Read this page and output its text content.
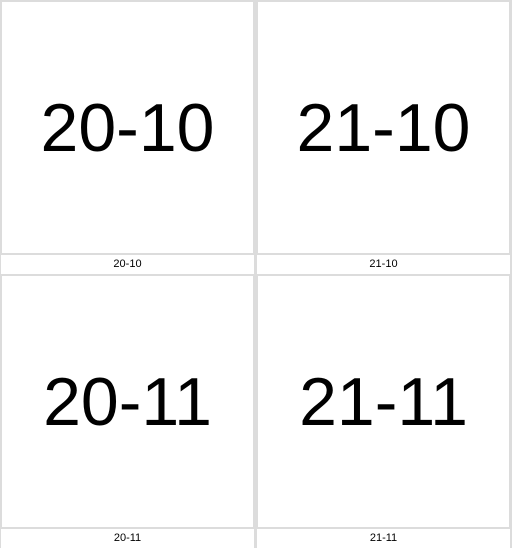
20-10
20-10
21-10
21-10
20-11
20-11
21-11
21-11
